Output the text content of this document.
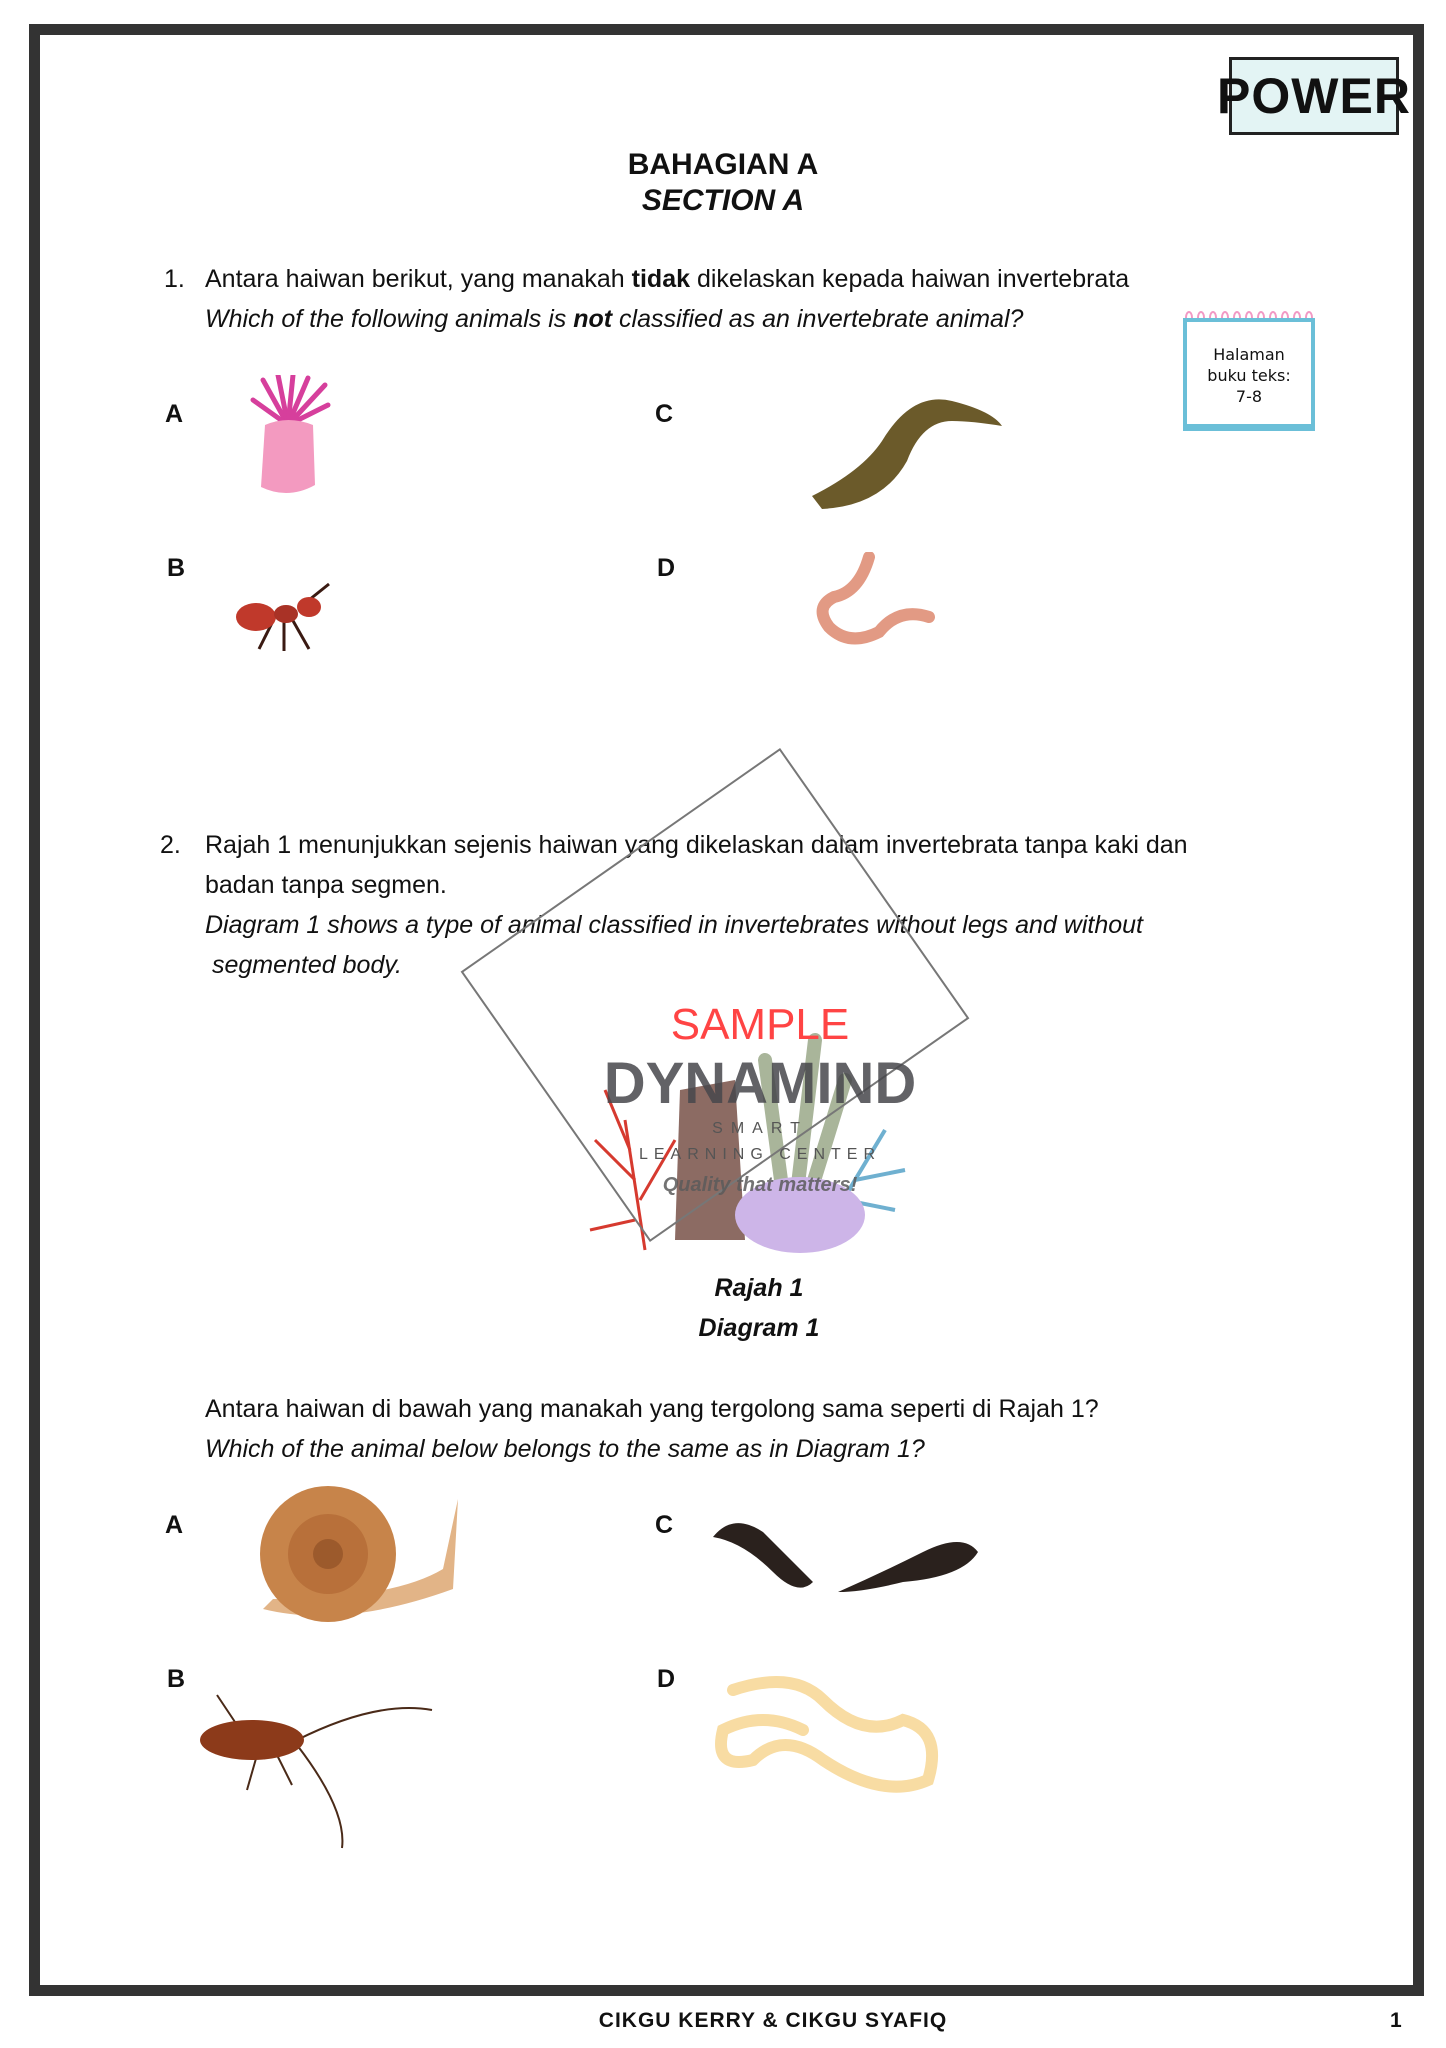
POWER
BAHAGIAN A
SECTION A
1. Antara haiwan berikut, yang manakah tidak dikelaskan kepada haiwan invertebrata
Which of the following animals is not classified as an invertebrate animal?
Halaman
buku teks:
7-8
A
B
C
D
2. Rajah 1 menunjukkan sejenis haiwan yang dikelaskan dalam invertebrata tanpa kaki dan
badan tanpa segmen.
Diagram 1 shows a type of animal classified in invertebrates without legs and without
segmented body.
SAMPLE
DYNAMIND
SMART
LEARNING CENTER
Quality that matters!
Rajah 1
Diagram 1
Antara haiwan di bawah yang manakah yang tergolong sama seperti di Rajah 1?
Which of the animal below belongs to the same as in Diagram 1?
A
B
C
D
CIKGU KERRY & CIKGU SYAFIQ	1
